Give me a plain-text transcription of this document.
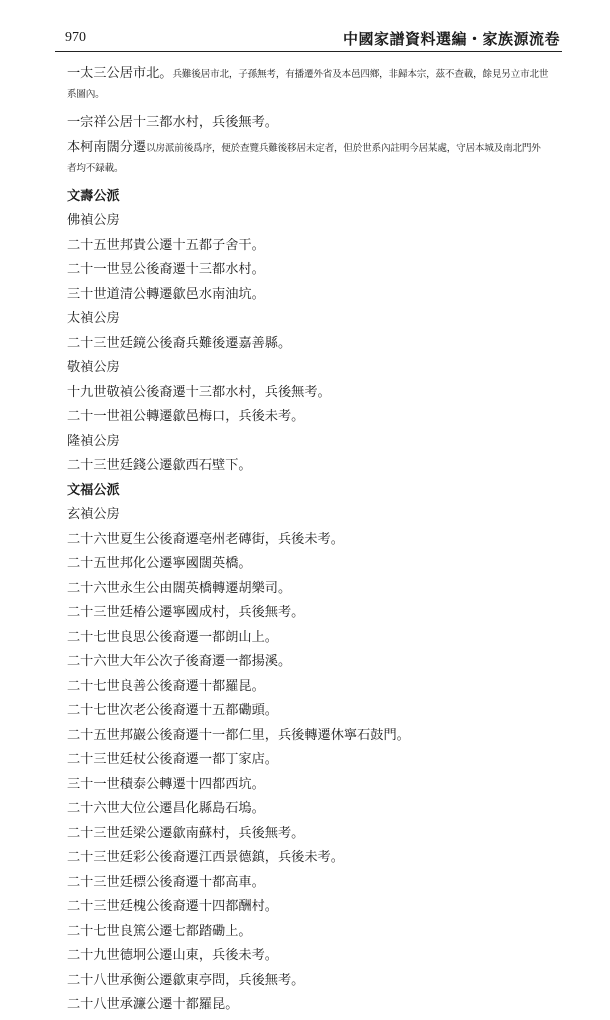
970	中國家譜資料選編・家族源流卷
一太三公居市北。兵難後居市北，子孫無考，有播遷外省及本邑四鄉，非歸本宗，茲不查載，餘見另立市北世系圖內。
一宗祥公居十三都水村，兵後無考。
本柯南闊分遷以房派前後爲序，便於查覽兵難後移居未定者，但於世系內註明今居某處，守居本城及南北門外者均不録載。
文壽公派
佛禎公房
二十五世邦貴公遷十五都子舍干。
二十一世昱公後裔遷十三都水村。
三十世道清公轉遷歙邑水南油坑。
太禎公房
二十三世廷鏡公後裔兵難後遷嘉善縣。
敬禎公房
十九世敬禎公後裔遷十三都水村，兵後無考。
二十一世祖公轉遷歙邑梅口，兵後未考。
隆禎公房
二十三世廷錢公遷歙西石壁下。
文福公派
玄禎公房
二十六世夏生公後裔遷亳州老磚街，兵後未考。
二十五世邦化公遷寧國闊英橋。
二十六世永生公由闊英橋轉遷胡樂司。
二十三世廷椿公遷寧國成村，兵後無考。
二十七世良思公後裔遷一都朗山上。
二十六世大年公次子後裔遷一都揚溪。
二十七世良善公後裔遷十都羅昆。
二十七世次老公後裔遷十五都磡頭。
二十五世邦巖公後裔遷十一都仁里，兵後轉遷休寧石鼓門。
二十三世廷杖公後裔遷一都丁家店。
三十一世積泰公轉遷十四都西坑。
二十六世大位公遷昌化縣島石塢。
二十三世廷梁公遷歙南蘇村，兵後無考。
二十三世廷彩公後裔遷江西景德鎮，兵後未考。
二十三世廷標公後裔遷十都高車。
二十三世廷槐公後裔遷十四都酬村。
二十七世良篤公遷七都踏磡上。
二十九世德坰公遷山東，兵後未考。
二十八世承衡公遷歙東亭問，兵後無考。
二十八世承濂公遷十都羅昆。
